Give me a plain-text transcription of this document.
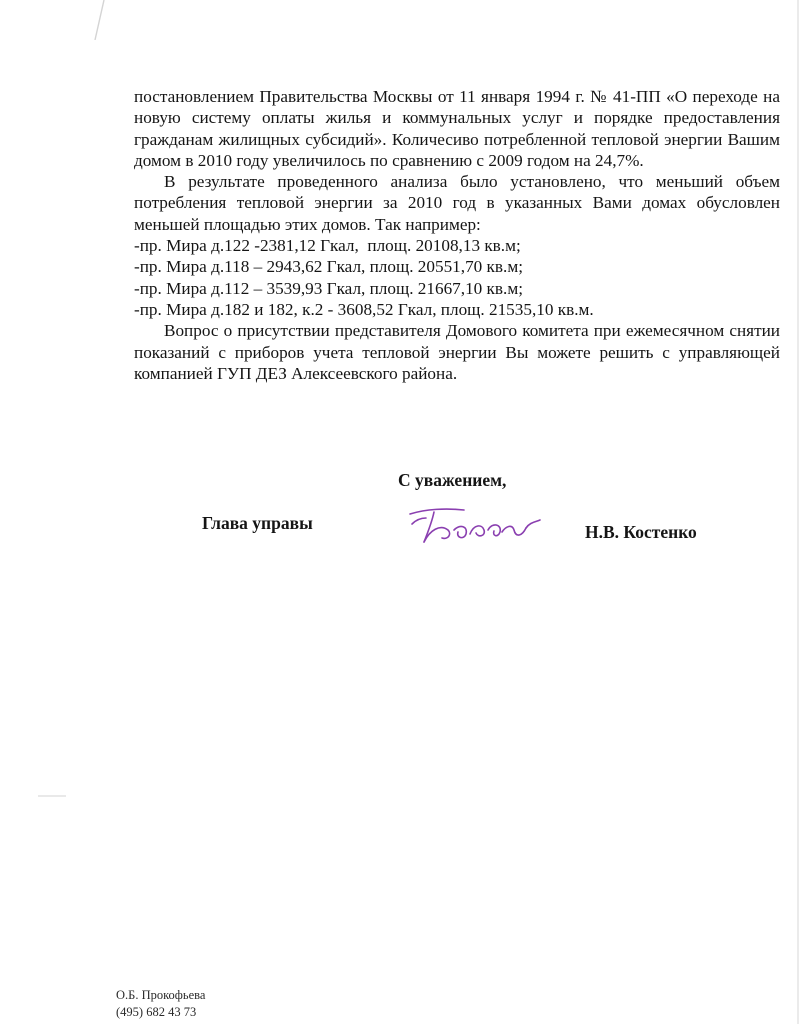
постановлением Правительства Москвы от 11 января 1994 г. № 41-ПП «О переходе на новую систему оплаты жилья и коммунальных услуг и порядке предоставления гражданам жилищных субсидий». Количесиво потребленной тепловой энергии Вашим домом в 2010 году увеличилось по сравнению с 2009 годом на 24,7%.

В результате проведенного анализа было установлено, что меньший объем потребления тепловой энергии за 2010 год в указанных Вами домах обусловлен меньшей площадью этих домов. Так например:

-пр. Мира д.122 -2381,12 Гкал,  площ. 20108,13 кв.м;
-пр. Мира д.118 – 2943,62 Гкал, площ. 20551,70 кв.м;
-пр. Мира д.112 – 3539,93 Гкал, площ. 21667,10 кв.м;
-пр. Мира д.182 и 182, к.2 - 3608,52 Гкал, площ. 21535,10 кв.м.

Вопрос о присутствии представителя Домового комитета при ежемесячном снятии показаний с приборов учета тепловой энергии Вы можете решить с управляющей компанией ГУП ДЕЗ Алексеевского района.

С уважением,
Глава управы	Н.В. Костенко
О.Б. Прокофьева
(495) 682 43 73
